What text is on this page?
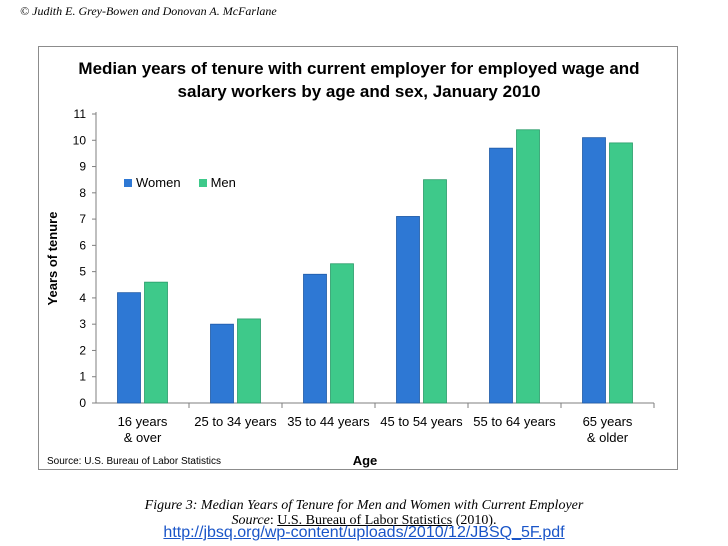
© Judith E. Grey-Bowen and Donovan A. McFarlane
0
1
2
3
4
5
6
7
8
9
10
11
Years of tenure
16 years
& over
25 to 34 years 35 to 44 years 45 to 54 years 55 to 64 years 65 years
& older
Age
Median years of tenure with current employer for employed wage and
salary workers by age and sex, January 2010
Women Men
Source: U.S. Bureau of Labor Statistics
Figure 3: Median Years of Tenure for Men and Women with Current Employer
Source: U.S. Bureau of Labor Statistics (2010).
http://jbsq.org/wp-content/uploads/2010/12/JBSQ_5F.pdf
